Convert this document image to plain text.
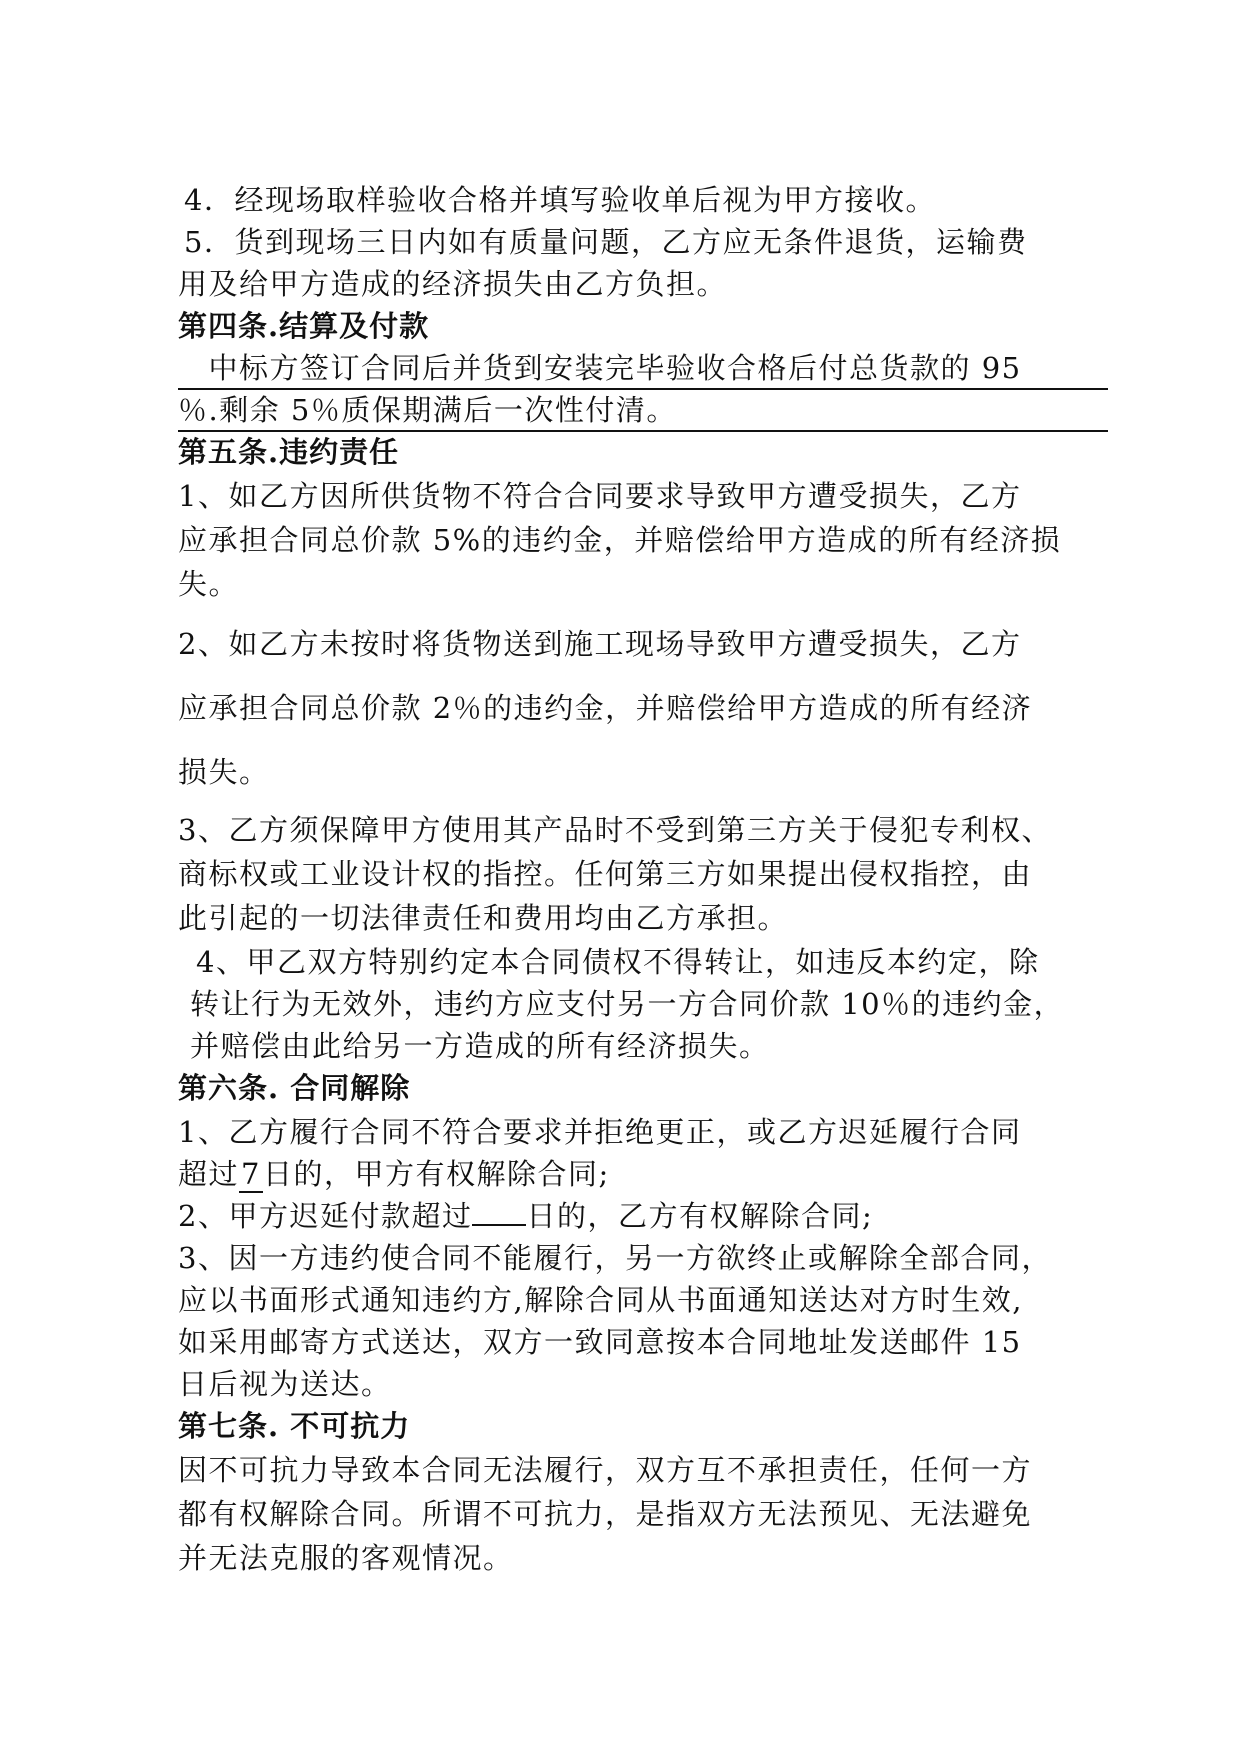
4．经现场取样验收合格并填写验收单后视为甲方接收。
5．货到现场三日内如有质量问题，乙方应无条件退货，运输费
用及给甲方造成的经济损失由乙方负担。
第四条.结算及付款
　中标方签订合同后并货到安装完毕验收合格后付总货款的 95
％.剩余 5％质保期满后一次性付清。
第五条.违约责任
1、如乙方因所供货物不符合合同要求导致甲方遭受损失，乙方
应承担合同总价款 5%的违约金，并赔偿给甲方造成的所有经济损
失。
2、如乙方未按时将货物送到施工现场导致甲方遭受损失，乙方
应承担合同总价款 2％的违约金，并赔偿给甲方造成的所有经济
损失。
3、乙方须保障甲方使用其产品时不受到第三方关于侵犯专利权、
商标权或工业设计权的指控。任何第三方如果提出侵权指控，由
此引起的一切法律责任和费用均由乙方承担。
4、甲乙双方特别约定本合同债权不得转让，如违反本约定，除
转让行为无效外，违约方应支付另一方合同价款 10％的违约金，
并赔偿由此给另一方造成的所有经济损失。
第六条. 合同解除
1、乙方履行合同不符合要求并拒绝更正，或乙方迟延履行合同
超过7日的，甲方有权解除合同;
2、甲方迟延付款超过 日的，乙方有权解除合同;
3、因一方违约使合同不能履行，另一方欲终止或解除全部合同，
应以书面形式通知违约方,解除合同从书面通知送达对方时生效,
如采用邮寄方式送达，双方一致同意按本合同地址发送邮件 15
日后视为送达。
第七条. 不可抗力
因不可抗力导致本合同无法履行，双方互不承担责任，任何一方
都有权解除合同。所谓不可抗力，是指双方无法预见、无法避免
并无法克服的客观情况。
